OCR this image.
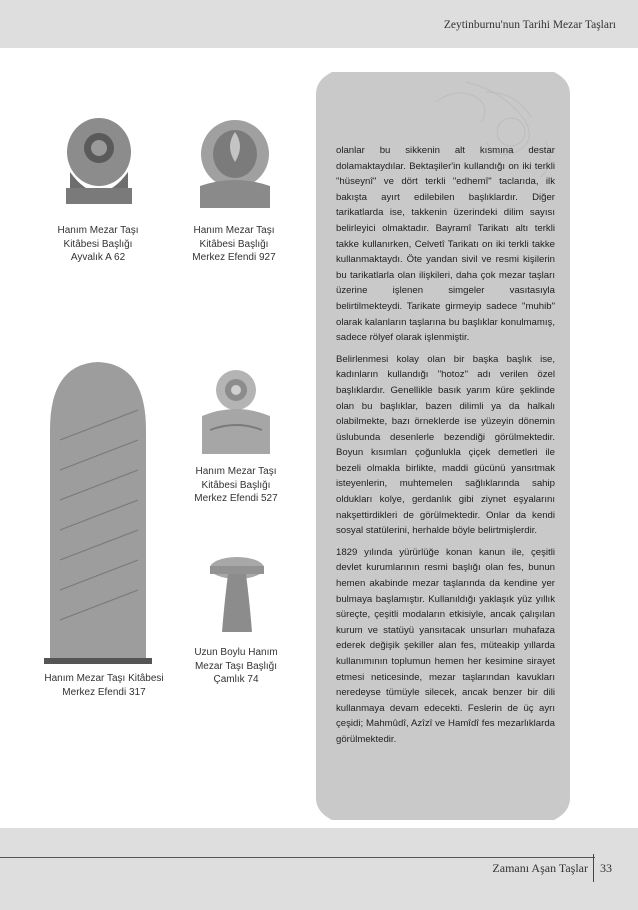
Zeytinburnu'nun Tarihi Mezar Taşları

olanlar bu sikkenin alt kısmına destar dolamaktaydılar. Bektaşiler'in kullandığı on iki terkli "hüseynî" ve dört terkli "edhemî" taclarıda, ilk bakışta ayırt edilebilen başlıklardır. Diğer tarikatlarda ise, takkenin üzerindeki dilim sayısı belirleyici olmaktadır. Bayramî Tarikatı altı terkli takke kullanırken, Celvetî Tarikatı on iki terkli takke kullanmaktaydı. Öte yandan sivil ve resmi kişilerin bu tarikatlarla olan ilişkileri, daha çok mezar taşları üzerine işlenen simgeler vasıtasıyla belirtilmekteydi. Tarikate girmeyip sadece "muhib" olarak kalanların taşlarına bu başlıklar konulmamış, sadece rölyef olarak işlenmiştir.

Belirlenmesi kolay olan bir başka başlık ise, kadınların kullandığı "hotoz" adı verilen özel başlıklardır. Genellikle basık yarım küre şeklinde olan bu başlıklar, bazen dilimli ya da halkalı olabilmekte, bazı örneklerde ise yüzeyin dönemin üslubunda desenlerle bezendiği görülmektedir. Boyun kısımları çoğunlukla çiçek demetleri ile bezeli olmakla birlikte, maddi gücünü yansıtmak isteyenlerin, muhtemelen sağlıklarında sahip oldukları kolye, gerdanlık gibi ziynet eşyalarını nakşettirdikleri de görülmektedir. Onlar da kendi sosyal statülerini, herhalde böyle belirtmişlerdir.

1829 yılında yürürlüğe konan kanun ile, çeşitli devlet kurumlarının resmi başlığı olan fes, bunun hemen akabinde mezar taşlarında da kendine yer bulmaya başlamıştır. Kullanıldığı yaklaşık yüz yıllık süreçte, çeşitli modaların etkisiyle, ancak çalışılan kurum ve statüyü yansıtacak unsurları muhafaza ederek değişik şekiller alan fes, müteakip yıllarda kullanımının toplumun hemen her kesimine sirayet etmesi neticesinde, mezar taşlarından kavukları neredeyse tümüyle silecek, ancak benzer bir dili kullanmaya devam edecekti. Feslerin de üç ayrı çeşidi; Mahmûdî, Azîzî ve Hamîdî fes mezarlıklarda görülmektedir.

Hanım Mezar Taşı
Kitâbesi Başlığı
Ayvalık A 62
Hanım Mezar Taşı
Kitâbesi Başlığı
Merkez Efendi 927
Hanım Mezar Taşı
Kitâbesi Başlığı
Merkez Efendi 527
Hanım Mezar Taşı Kitâbesi
Merkez Efendi 317
Uzun Boylu Hanım
Mezar Taşı Başlığı
Çamlık 74
Zamanı Aşan Taşlar 33
